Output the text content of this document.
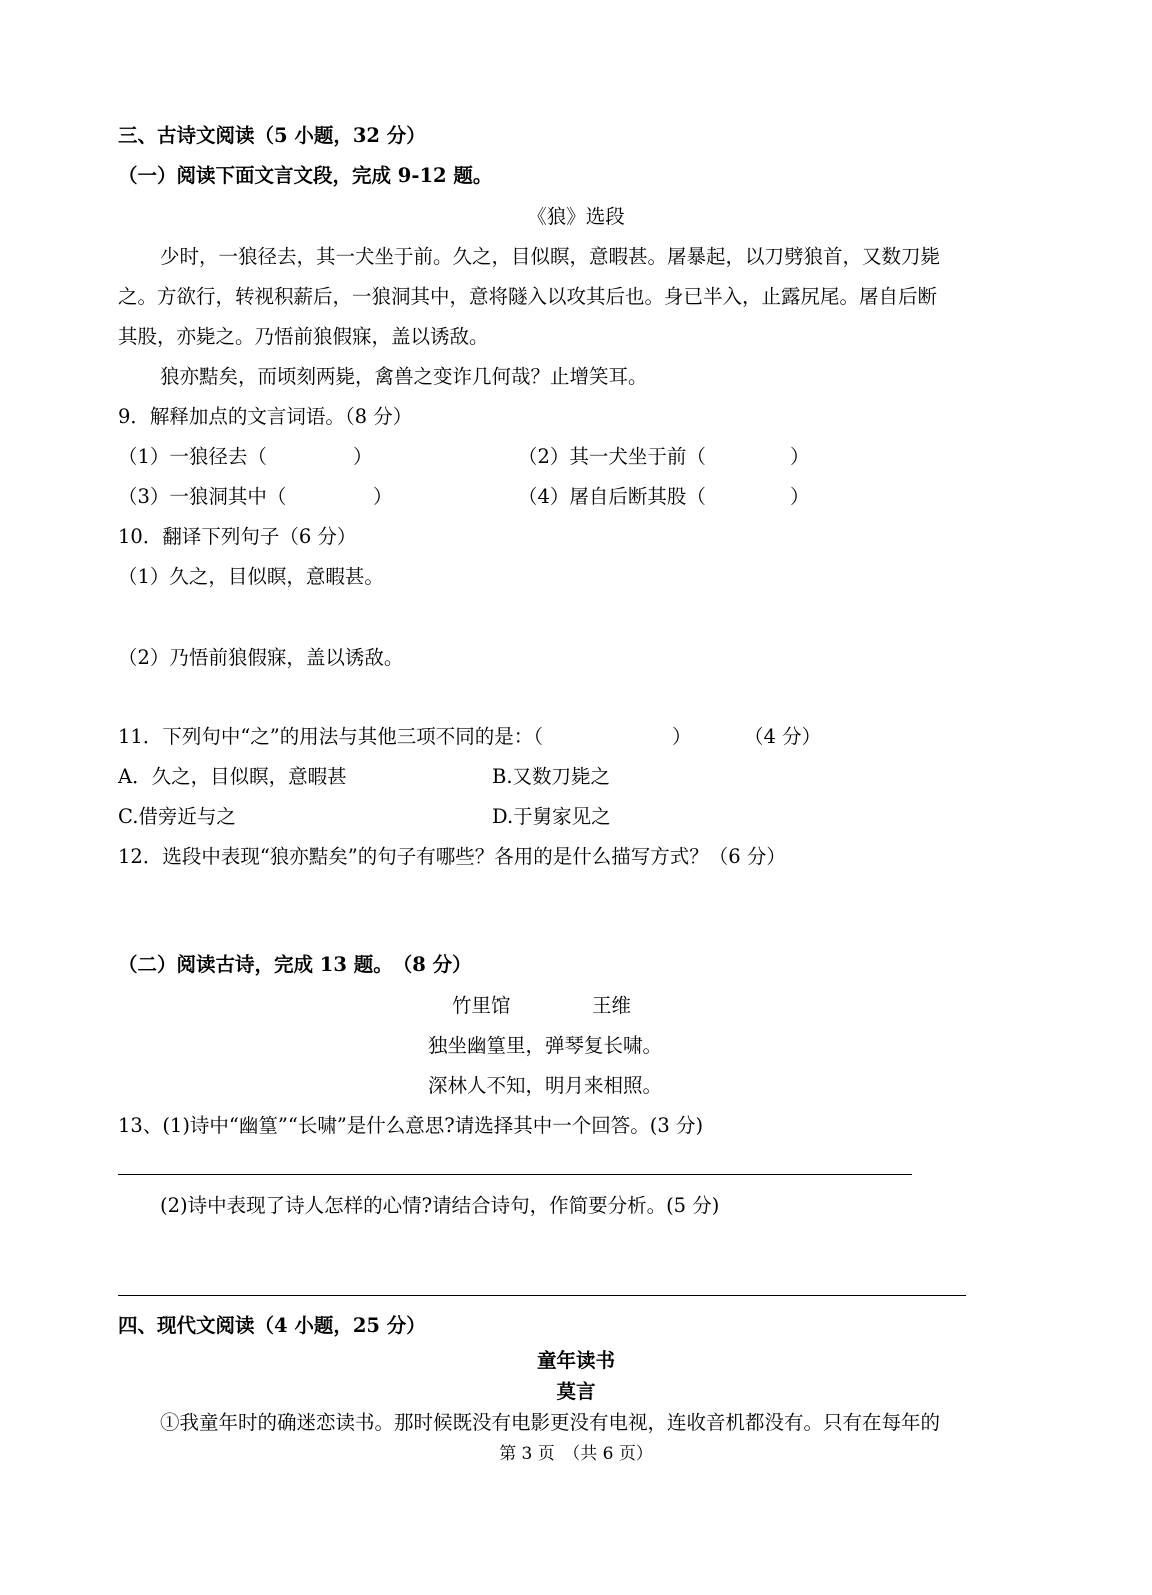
三、古诗文阅读（5 小题，32 分）
（一）阅读下面文言文段，完成 9-12 题。
《狼》选段
少时，一狼径去，其一犬坐于前。久之，目似瞑，意暇甚。屠暴起，以刀劈狼首，又数刀毙
之。方欲行，转视积薪后，一狼洞其中，意将隧入以攻其后也。身已半入，止露尻尾。屠自后断
其股，亦毙之。乃悟前狼假寐，盖以诱敌。
狼亦黠矣，而顷刻两毙，禽兽之变诈几何哉？止增笑耳。
9．解释加点的文言词语。（8 分）
（1）一狼径去（	）	（2）其一犬坐于前（	）
（3）一狼洞其中（	）	（4）屠自后断其股（	）
10．翻译下列句子（6 分）
（1）久之，目似瞑，意暇甚。
（2）乃悟前狼假寐，盖以诱敌。
11．下列句中“之”的用法与其他三项不同的是：（	）	（4 分）
A．久之，目似瞑，意暇甚	B.又数刀毙之
C.借旁近与之	D.于舅家见之
12．选段中表现“狼亦黠矣”的句子有哪些？各用的是什么描写方式？（6 分）
（二）阅读古诗，完成 13 题。　（8 分）
竹里馆	王维
独坐幽篁里，弹琴复长啸。
深林人不知，明月来相照。
13、(1)诗中“幽篁”“长啸”是什么意思?请选择其中一个回答。(3 分)
(2)诗中表现了诗人怎样的心情?请结合诗句，作简要分析。(5 分)
四、现代文阅读（4 小题，25 分）
童年读书
莫言
①我童年时的确迷恋读书。那时候既没有电影更没有电视，连收音机都没有。只有在每年的
第 3 页　（共 6 页）
